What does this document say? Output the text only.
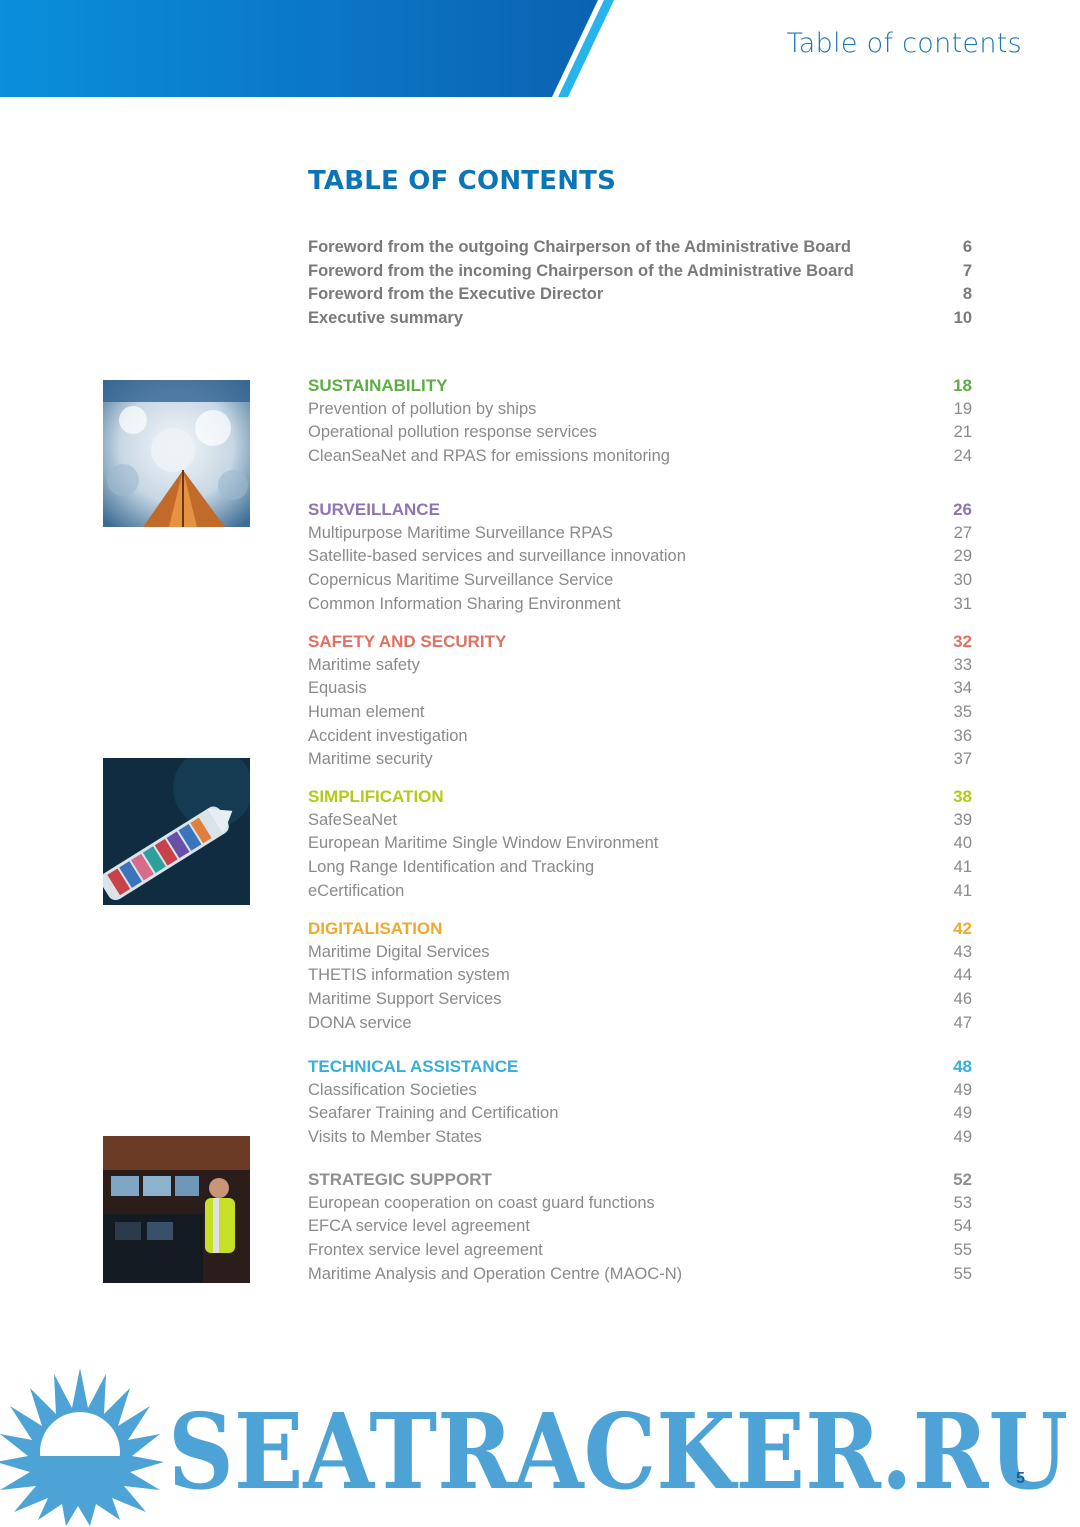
Table of contents
TABLE OF CONTENTS
Foreword from the outgoing Chairperson of the Administrative Board	6
Foreword from the incoming Chairperson of the Administrative Board	7
Foreword from the Executive Director	8
Executive summary	10
SUSTAINABILITY	18
Prevention of pollution by ships	19
Operational pollution response services	21
CleanSeaNet and RPAS for emissions monitoring	24
SURVEILLANCE	26
Multipurpose Maritime Surveillance RPAS	27
Satellite-based services and surveillance innovation	29
Copernicus Maritime Surveillance Service	30
Common Information Sharing Environment	31
SAFETY AND SECURITY	32
Maritime safety	33
Equasis	34
Human element	35
Accident investigation	36
Maritime security	37
SIMPLIFICATION	38
SafeSeaNet	39
European Maritime Single Window Environment	40
Long Range Identification and Tracking	41
eCertification	41
DIGITALISATION	42
Maritime Digital Services	43
THETIS information system	44
Maritime Support Services	46
DONA service	47
TECHNICAL ASSISTANCE	48
Classification Societies	49
Seafarer Training and Certification	49
Visits to Member States	49
STRATEGIC SUPPORT	52
European cooperation on coast guard functions	53
EFCA service level agreement	54
Frontex service level agreement	55
Maritime Analysis and Operation Centre (MAOC-N)	55
SEATRACKER.RU
5
